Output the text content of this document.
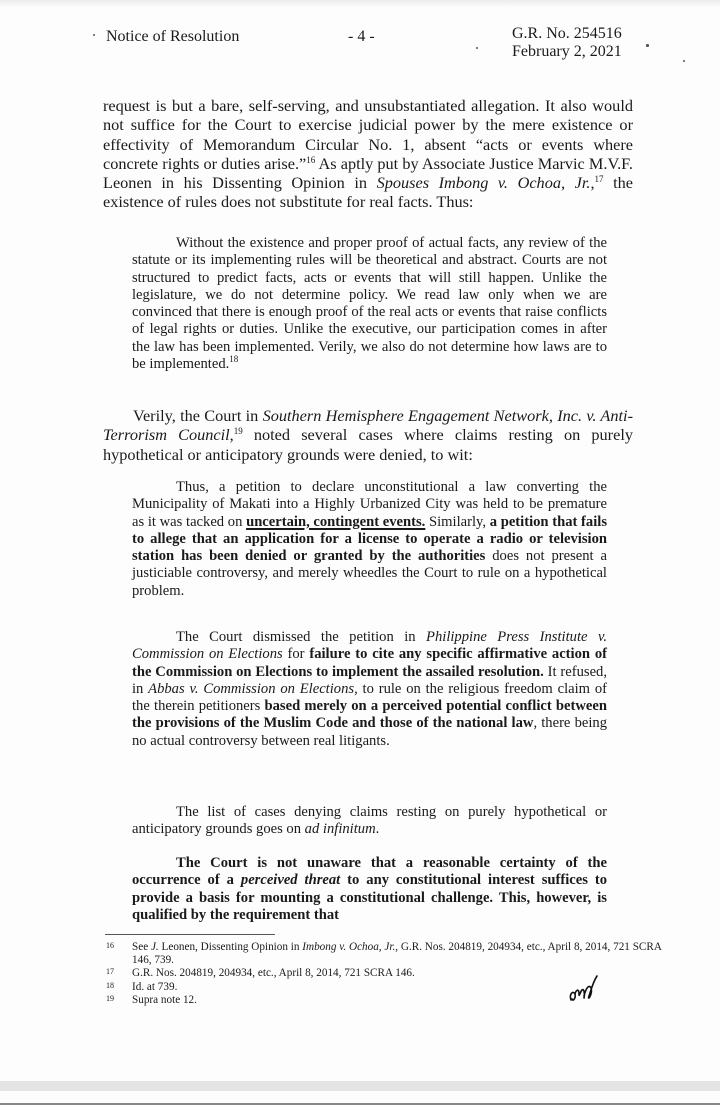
Notice of Resolution	- 4 -	G.R. No. 254516
February 2, 2021

request is but a bare, self-serving, and unsubstantiated allegation. It also would not suffice for the Court to exercise judicial power by the mere existence or effectivity of Memorandum Circular No. 1, absent “acts or events where concrete rights or duties arise.”$^{16}$ As aptly put by Associate Justice Marvic M.V.F. Leonen in his Dissenting Opinion in Spouses Imbong v. Ochoa, Jr.,$^{17}$ the existence of rules does not substitute for real facts. Thus:

Without the existence and proper proof of actual facts, any review of the statute or its implementing rules will be theoretical and abstract. Courts are not structured to predict facts, acts or events that will still happen. Unlike the legislature, we do not determine policy. We read law only when we are convinced that there is enough proof of the real acts or events that raise conflicts of legal rights or duties. Unlike the executive, our participation comes in after the law has been implemented. Verily, we also do not determine how laws are to be implemented.$^{18}$

Verily, the Court in Southern Hemisphere Engagement Network, Inc. v. Anti-Terrorism Council,$^{19}$ noted several cases where claims resting on purely hypothetical or anticipatory grounds were denied, to wit:

Thus, a petition to declare unconstitutional a law converting the Municipality of Makati into a Highly Urbanized City was held to be premature as it was tacked on uncertain, contingent events. Similarly, a petition that fails to allege that an application for a license to operate a radio or television station has been denied or granted by the authorities does not present a justiciable controversy, and merely wheedles the Court to rule on a hypothetical problem.

The Court dismissed the petition in Philippine Press Institute v. Commission on Elections for failure to cite any specific affirmative action of the Commission on Elections to implement the assailed resolution. It refused, in Abbas v. Commission on Elections, to rule on the religious freedom claim of the therein petitioners based merely on a perceived potential conflict between the provisions of the Muslim Code and those of the national law, there being no actual controversy between real litigants.

The list of cases denying claims resting on purely hypothetical or anticipatory grounds goes on ad infinitum.

The Court is not unaware that a reasonable certainty of the occurrence of a perceived threat to any constitutional interest suffices to provide a basis for mounting a constitutional challenge. This, however, is qualified by the requirement that

16	See J. Leonen, Dissenting Opinion in Imbong v. Ochoa, Jr., G.R. Nos. 204819, 204934, etc., April 8, 2014, 721 SCRA 146, 739.
17	G.R. Nos. 204819, 204934, etc., April 8, 2014, 721 SCRA 146.
18	Id. at 739.
19	Supra note 12.
